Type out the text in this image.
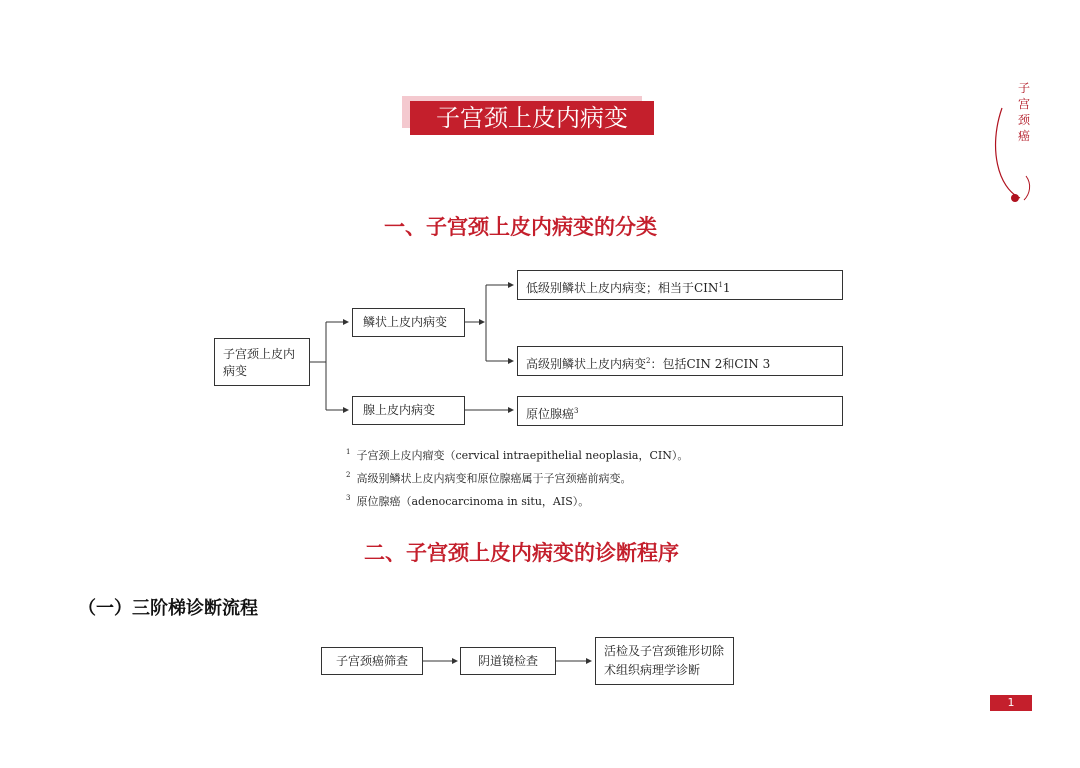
子宫颈上皮内病变
子宫颈癌
一、子宫颈上皮内病变的分类
子宫颈上皮内病变
鳞状上皮内病变
腺上皮内病变
低级别鳞状上皮内病变；相当于CIN$^1$1
高级别鳞状上皮内病变$^2$：包括CIN 2和CIN 3
原位腺癌$^3$
$^1$ 子宫颈上皮内瘤变（cervical intraepithelial neoplasia，CIN）。
$^2$ 高级别鳞状上皮内病变和原位腺癌属于子宫颈癌前病变。
$^3$ 原位腺癌（adenocarcinoma in situ，AIS）。
二、子宫颈上皮内病变的诊断程序
（一）三阶梯诊断流程
子宫颈癌筛查	阴道镜检查
活检及子宫颈锥形切除术组织病理学诊断
1
